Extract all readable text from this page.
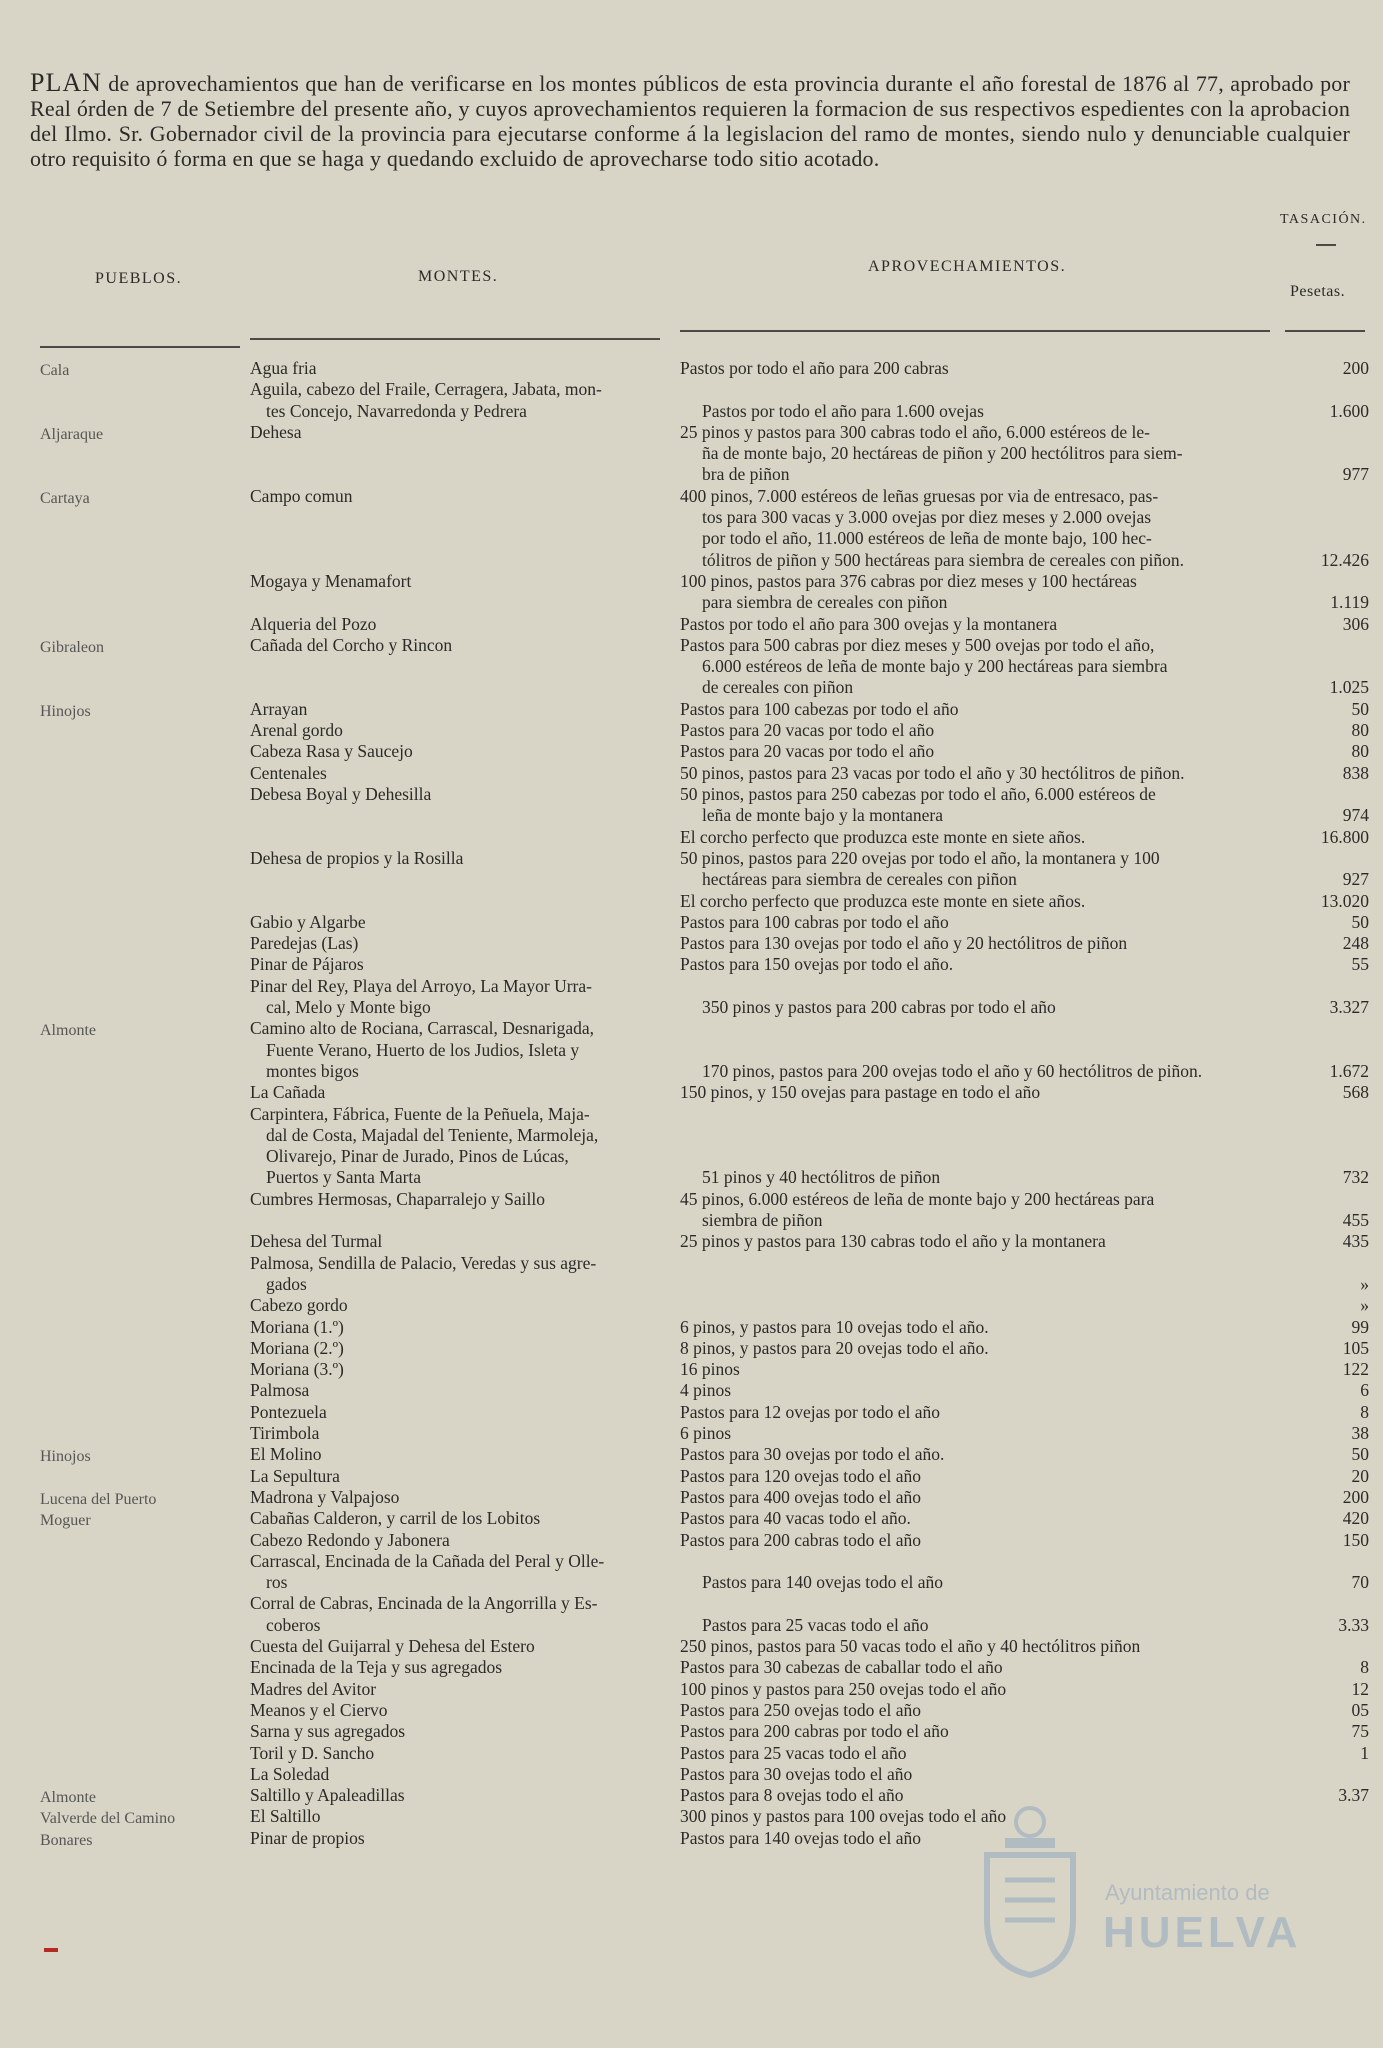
PLAN de aprovechamientos que han de verificarse en los montes públicos de esta provincia durante el año forestal de 1876 al 77, aprobado por Real órden de 7 de Setiembre del presente año, y cuyos aprovechamientos requieren la formacion de sus respectivos espedientes con la aprobacion del Ilmo. Sr. Gobernador civil de la provincia para ejecutarse conforme á la legislacion del ramo de montes, siendo nulo y denunciable cualquier otro requisito ó forma en que se haga y quedando excluido de aprovecharse todo sitio acotado.
TASACIÓN.
PUEBLOS.	MONTES.
APROVECHAMIENTOS.
Pesetas.
Cala	Agua fria	Pastos por todo el año para 200 cabras	200
Aguila, cabezo del Fraile, Cerragera, Jabata, mon-
tes Concejo, Navarredonda y Pedrera	Pastos por todo el año para 1.600 ovejas	1.600
Aljaraque	Dehesa	25 pinos y pastos para 300 cabras todo el año, 6.000 estéreos de le-
ña de monte bajo, 20 hectáreas de piñon y 200 hectólitros para siem-
bra de piñon	977
Cartaya	Campo comun	400 pinos, 7.000 estéreos de leñas gruesas por via de entresaco, pas-
tos para 300 vacas y 3.000 ovejas por diez meses y 2.000 ovejas
por todo el año, 11.000 estéreos de leña de monte bajo, 100 hec-
tólitros de piñon y 500 hectáreas para siembra de cereales con piñon.	12.426
Mogaya y Menamafort	100 pinos, pastos para 376 cabras por diez meses y 100 hectáreas
para siembra de cereales con piñon	1.119
Alqueria del Pozo	Pastos por todo el año para 300 ovejas y la montanera	306
Gibraleon	Cañada del Corcho y Rincon	Pastos para 500 cabras por diez meses y 500 ovejas por todo el año,
6.000 estéreos de leña de monte bajo y 200 hectáreas para siembra
de cereales con piñon	1.025
Hinojos	Arrayan	Pastos para 100 cabezas por todo el año	50
Arenal gordo	Pastos para 20 vacas por todo el año	80
Cabeza Rasa y Saucejo	Pastos para 20 vacas por todo el año	80
Centenales	50 pinos, pastos para 23 vacas por todo el año y 30 hectólitros de piñon.	838
Debesa Boyal y Dehesilla	50 pinos, pastos para 250 cabezas por todo el año, 6.000 estéreos de
leña de monte bajo y la montanera	974
El corcho perfecto que produzca este monte en siete años.	16.800
Dehesa de propios y la Rosilla	50 pinos, pastos para 220 ovejas por todo el año, la montanera y 100
hectáreas para siembra de cereales con piñon	927
El corcho perfecto que produzca este monte en siete años.	13.020
Gabio y Algarbe	Pastos para 100 cabras por todo el año	50
Paredejas (Las)	Pastos para 130 ovejas por todo el año y 20 hectólitros de piñon	248
Pinar de Pájaros	Pastos para 150 ovejas por todo el año.	55
Pinar del Rey, Playa del Arroyo, La Mayor Urra-
cal, Melo y Monte bigo	350 pinos y pastos para 200 cabras por todo el año	3.327
Almonte	Camino alto de Rociana, Carrascal, Desnarigada,
Fuente Verano, Huerto de los Judios, Isleta y
montes bigos	170 pinos, pastos para 200 ovejas todo el año y 60 hectólitros de piñon.	1.672
La Cañada	150 pinos, y 150 ovejas para pastage en todo el año	568
Carpintera, Fábrica, Fuente de la Peñuela, Maja-
dal de Costa, Majadal del Teniente, Marmoleja,
Olivarejo, Pinar de Jurado, Pinos de Lúcas,
Puertos y Santa Marta	51 pinos y 40 hectólitros de piñon	732
Cumbres Hermosas, Chaparralejo y Saillo	45 pinos, 6.000 estéreos de leña de monte bajo y 200 hectáreas para
siembra de piñon	455
Dehesa del Turmal	25 pinos y pastos para 130 cabras todo el año y la montanera	435
Palmosa, Sendilla de Palacio, Veredas y sus agre-
gados	»
Cabezo gordo	»
Moriana (1.º)	6 pinos, y pastos para 10 ovejas todo el año.	99
Moriana (2.º)	8 pinos, y pastos para 20 ovejas todo el año.	105
Moriana (3.º)	16 pinos	122
Palmosa	4 pinos	6
Pontezuela	Pastos para 12 ovejas por todo el año	8
Tirimbola	6 pinos	38
Hinojos	El Molino	Pastos para 30 ovejas por todo el año.	50
La Sepultura	Pastos para 120 ovejas todo el año	20
Lucena del Puerto	Madrona y Valpajoso	Pastos para 400 ovejas todo el año	200
Moguer	Cabañas Calderon, y carril de los Lobitos	Pastos para 40 vacas todo el año.	420
Cabezo Redondo y Jabonera	Pastos para 200 cabras todo el año	150
Carrascal, Encinada de la Cañada del Peral y Olle-
ros	Pastos para 140 ovejas todo el año	70
Corral de Cabras, Encinada de la Angorrilla y Es-
coberos	Pastos para 25 vacas todo el año	3.33
Cuesta del Guijarral y Dehesa del Estero	250 pinos, pastos para 50 vacas todo el año y 40 hectólitros piñon
Encinada de la Teja y sus agregados	Pastos para 30 cabezas de caballar todo el año	8
Madres del Avitor	100 pinos y pastos para 250 ovejas todo el año	12
Meanos y el Ciervo	Pastos para 250 ovejas todo el año	05
Sarna y sus agregados	Pastos para 200 cabras por todo el año	75
Toril y D. Sancho	Pastos para 25 vacas todo el año	1
La Soledad	Pastos para 30 ovejas todo el año
Almonte	Saltillo y Apaleadillas	Pastos para 8 ovejas todo el año	3.37
Valverde del Camino	El Saltillo	300 pinos y pastos para 100 ovejas todo el año
Bonares	Pinar de propios	Pastos para 140 ovejas todo el año
Ayuntamiento de
HUELVA
